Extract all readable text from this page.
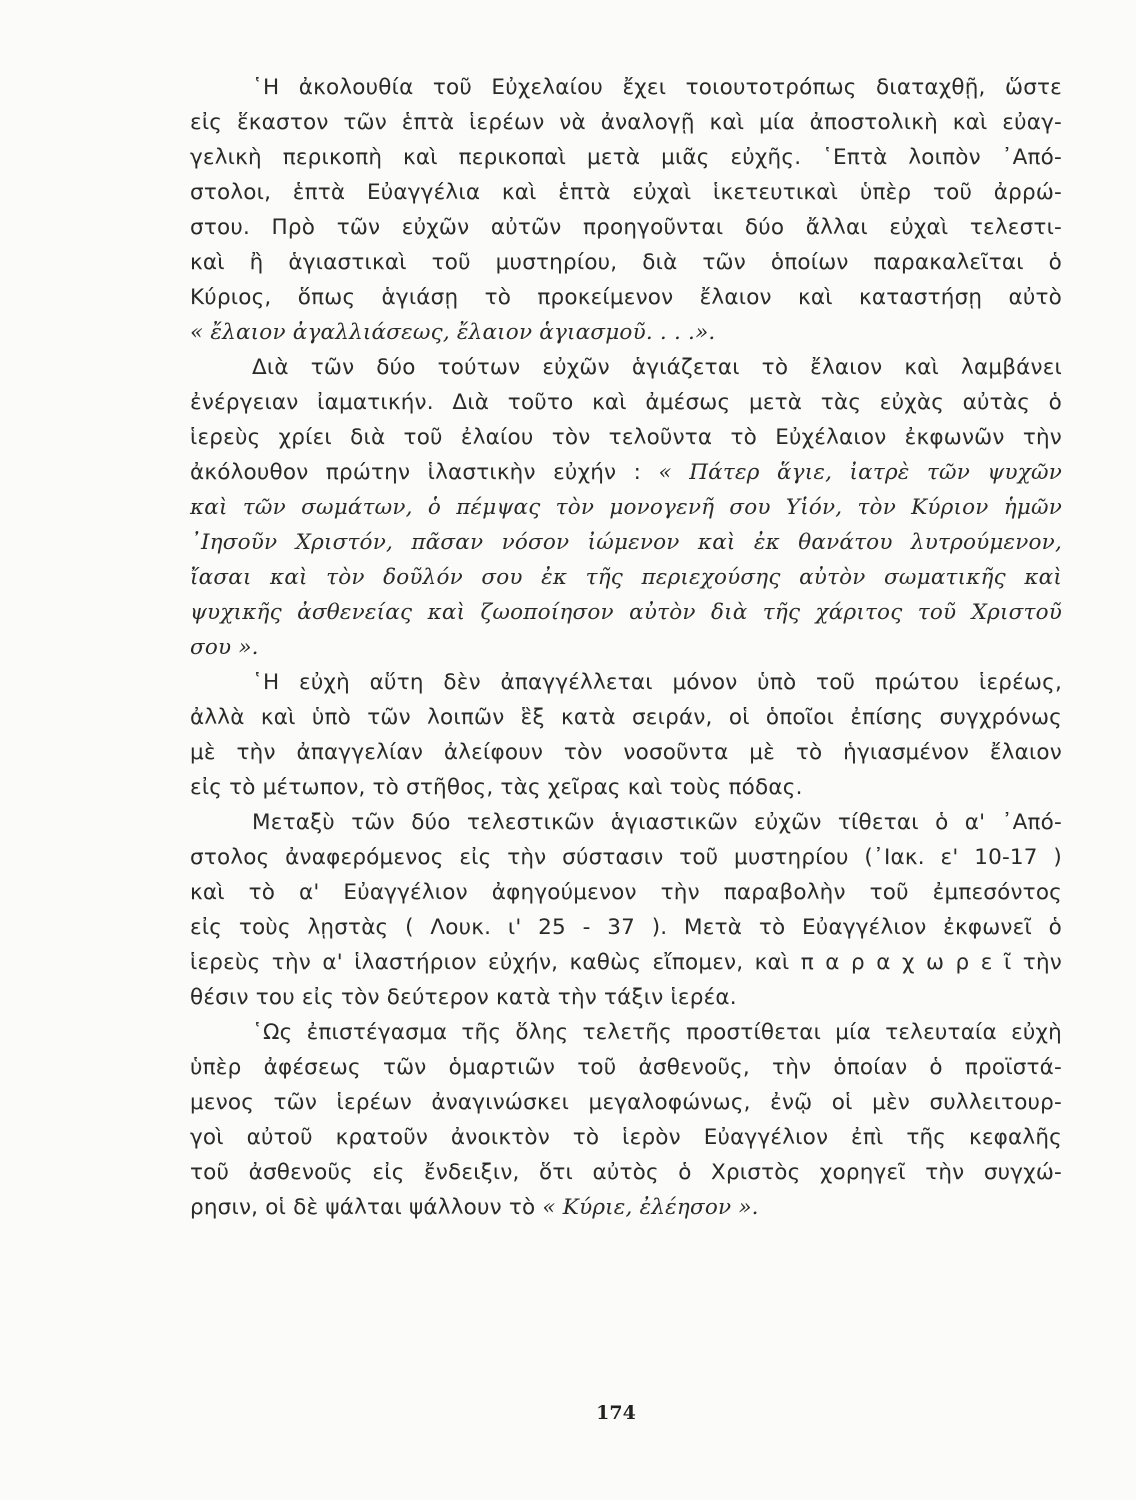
῾Η ἀκολουθία τοῦ Εὐχελαίου ἔχει τοιουτοτρόπως διαταχθῇ, ὥστε
εἰς ἕκαστον τῶν ἑπτὰ ἱερέων νὰ ἀναλογῇ καὶ μία ἀποστολικὴ καὶ εὐαγ-
γελικὴ περικοπὴ καὶ περικοπαὶ μετὰ μιᾶς εὐχῆς. ῾Επτὰ λοιπὸν ᾿Από-
στολοι, ἑπτὰ Εὐαγγέλια καὶ ἑπτὰ εὐχαὶ ἱκετευτικαὶ ὑπὲρ τοῦ ἀρρώ-
στου. Πρὸ τῶν εὐχῶν αὐτῶν προηγοῦνται δύο ἄλλαι εὐχαὶ τελεστι-
καὶ ἢ ἁγιαστικαὶ τοῦ μυστηρίου, διὰ τῶν ὁποίων παρακαλεῖται ὁ
Κύριος, ὅπως ἁγιάσῃ τὸ προκείμενον ἔλαιον καὶ καταστήσῃ αὐτὸ
« ἔλαιον ἀγαλλιάσεως, ἔλαιον ἁγιασμοῦ. . . .».
Διὰ τῶν δύο τούτων εὐχῶν ἁγιάζεται τὸ ἔλαιον καὶ λαμβάνει
ἐνέργειαν ἰαματικήν. Διὰ τοῦτο καὶ ἀμέσως μετὰ τὰς εὐχὰς αὐτὰς ὁ
ἱερεὺς χρίει διὰ τοῦ ἐλαίου τὸν τελοῦντα τὸ Εὐχέλαιον ἐκφωνῶν τὴν
ἀκόλουθον πρώτην ἱλαστικὴν εὐχήν : « Πάτερ ἅγιε, ἰατρὲ τῶν ψυχῶν
καὶ τῶν σωμάτων, ὁ πέμψας τὸν μονογενῆ σου Υἱόν, τὸν Κύριον ἡμῶν
᾿Ιησοῦν Χριστόν, πᾶσαν νόσον ἰώμενον καὶ ἐκ θανάτου λυτρούμενον,
ἴασαι καὶ τὸν δοῦλόν σου ἐκ τῆς περιεχούσης αὐτὸν σωματικῆς καὶ
ψυχικῆς ἀσθενείας καὶ ζωοποίησον αὐτὸν διὰ τῆς χάριτος τοῦ Χριστοῦ
σου ».
῾Η εὐχὴ αὕτη δὲν ἀπαγγέλλεται μόνον ὑπὸ τοῦ πρώτου ἱερέως,
ἀλλὰ καὶ ὑπὸ τῶν λοιπῶν ἓξ κατὰ σειράν, οἱ ὁποῖοι ἐπίσης συγχρόνως
μὲ τὴν ἀπαγγελίαν ἀλείφουν τὸν νοσοῦντα μὲ τὸ ἡγιασμένον ἔλαιον
εἰς τὸ μέτωπον, τὸ στῆθος, τὰς χεῖρας καὶ τοὺς πόδας.
Μεταξὺ τῶν δύο τελεστικῶν ἁγιαστικῶν εὐχῶν τίθεται ὁ α' ᾿Από-
στολος ἀναφερόμενος εἰς τὴν σύστασιν τοῦ μυστηρίου (᾿Ιακ. ε' 10-17 )
καὶ τὸ α' Εὐαγγέλιον ἀφηγούμενον τὴν παραβολὴν τοῦ ἐμπεσόντος
εἰς τοὺς λῃστὰς ( Λουκ. ι' 25 - 37 ). Μετὰ τὸ Εὐαγγέλιον ἐκφωνεῖ ὁ
ἱερεὺς τὴν α' ἱλαστήριον εὐχήν, καθὼς εἴπομεν, καὶ π α ρ α χ ω ρ ε ῖ τὴν
θέσιν του εἰς τὸν δεύτερον κατὰ τὴν τάξιν ἱερέα.
῾Ως ἐπιστέγασμα τῆς ὅλης τελετῆς προστίθεται μία τελευταία εὐχὴ
ὑπὲρ ἀφέσεως τῶν ὁμαρτιῶν τοῦ ἀσθενοῦς, τὴν ὁποίαν ὁ προϊστά-
μενος τῶν ἱερέων ἀναγινώσκει μεγαλοφώνως, ἐνῷ οἱ μὲν συλλειτουρ-
γοὶ αὐτοῦ κρατοῦν ἀνοικτὸν τὸ ἱερὸν Εὐαγγέλιον ἐπὶ τῆς κεφαλῆς
τοῦ ἀσθενοῦς εἰς ἔνδειξιν, ὅτι αὐτὸς ὁ Χριστὸς χορηγεῖ τὴν συγχώ-
ρησιν, οἱ δὲ ψάλται ψάλλουν τὸ « Κύριε, ἐλέησον ».
174
